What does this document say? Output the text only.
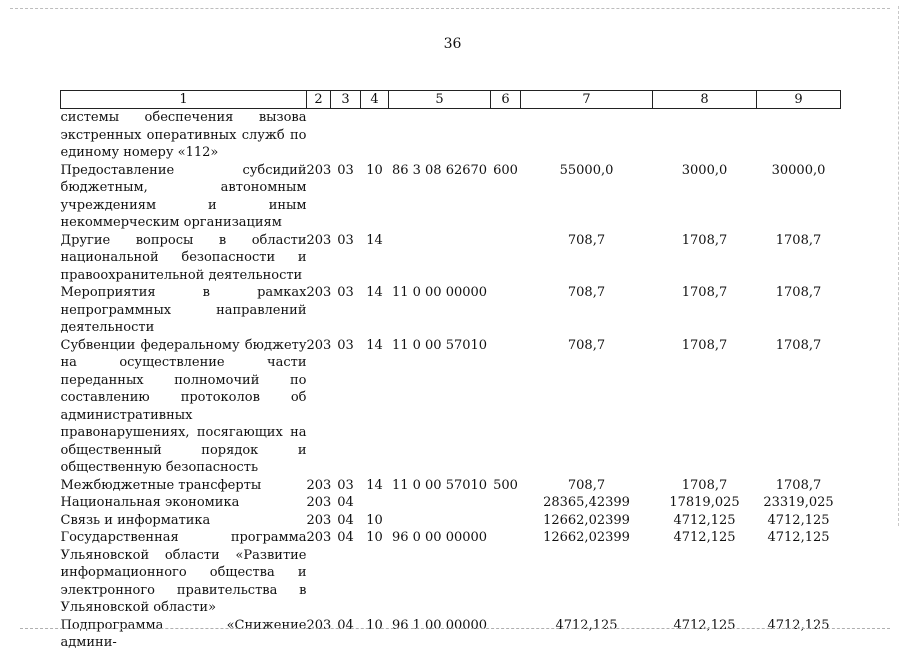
36
1	2	3	4	5	6	7	8	9
системы обеспечения вызова экстренных оперативных служб по единому номеру «112»								
Предоставление субсидий бюджетным, автономным учреждениям и иным некоммерческим организациям	203	03	10	86 3 08 62670	600	55000,0	3000,0	30000,0
Другие вопросы в области национальной безопасности и правоохранительной деятельности	203	03	14			708,7	1708,7	1708,7
Мероприятия в рамках непрограммных направлений деятельности	203	03	14	11 0 00 00000		708,7	1708,7	1708,7
Субвенции федеральному бюджету на осуществление части переданных полномочий по составлению протоколов об административных правонарушениях, посягающих на общественный порядок и общественную безопасность	203	03	14	11 0 00 57010		708,7	1708,7	1708,7
Межбюджетные трансферты	203	03	14	11 0 00 57010	500	708,7	1708,7	1708,7
Национальная экономика	203	04				28365,42399	17819,025	23319,025
Связь и информатика	203	04	10			12662,02399	4712,125	4712,125
Государственная программа Ульяновской области «Развитие информационного общества и электронного правительства в Ульяновской области»	203	04	10	96 0 00 00000		12662,02399	4712,125	4712,125
Подпрограмма «Снижение админи-	203	04	10	96 1 00 00000		4712,125	4712,125	4712,125
